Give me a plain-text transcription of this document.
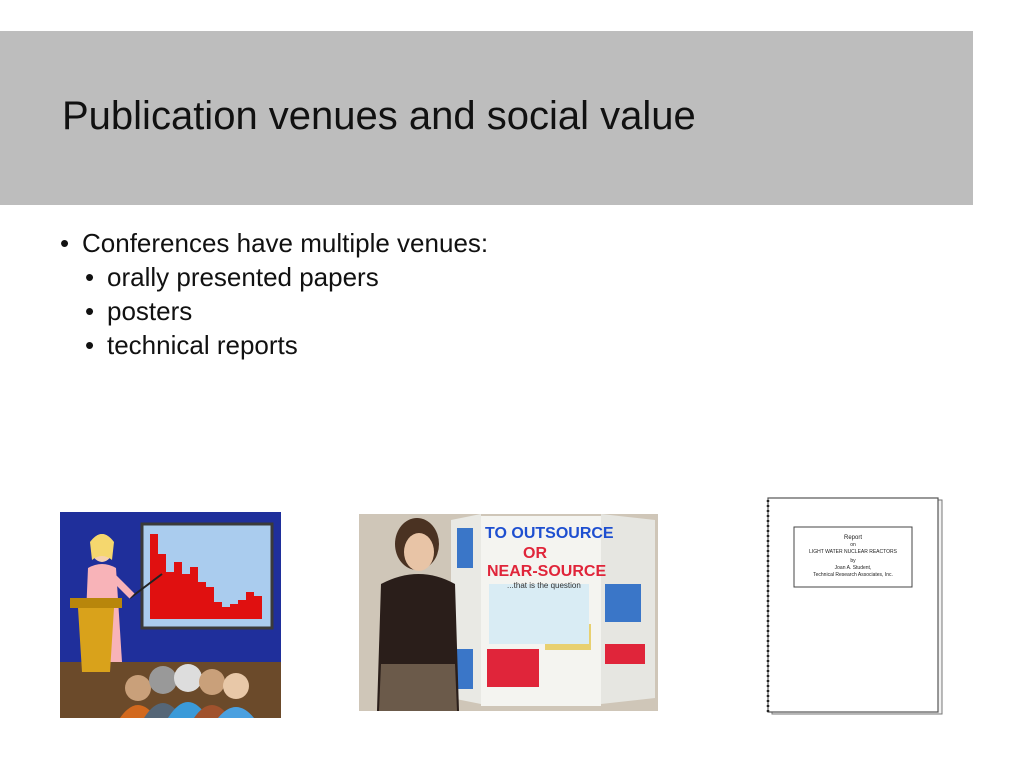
Publication venues and social value
• Conferences have multiple venues:
• orally presented papers
• posters
• technical reports
TO OUTSOURCE
OR
NEAR-SOURCE
...that is the question
Report
on
LIGHT WATER NUCLEAR REACTORS
by
Joan A. Student,
Technical Research Associates, Inc.
